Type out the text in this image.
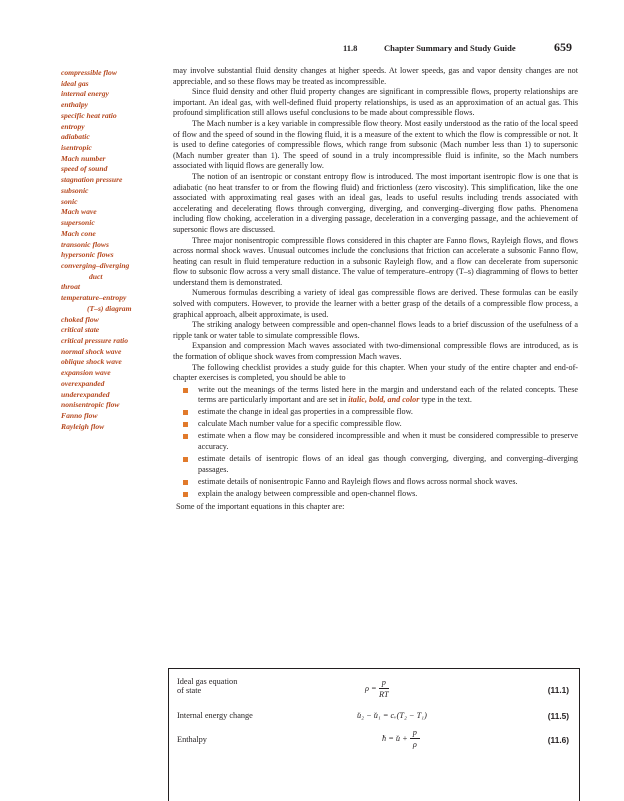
11.8	Chapter Summary and Study Guide	659
compressible flow
ideal gas
internal energy
enthalpy
specific heat ratio
entropy
adiabatic
isentropic
Mach number
speed of sound
stagnation pressure
subsonic
sonic
Mach wave
supersonic
Mach cone
transonic flows
hypersonic flows
converging–diverging
duct
throat
temperature–entropy
(T–s) diagram
choked flow
critical state
critical pressure ratio
normal shock wave
oblique shock wave
expansion wave
overexpanded
underexpanded
nonisentropic flow
Fanno flow
Rayleigh flow

may involve substantial fluid density changes at higher speeds. At lower speeds, gas and vapor density changes are not appreciable, and so these flows may be treated as incompressible.

Since fluid density and other fluid property changes are significant in compressible flows, property relationships are important. An ideal gas, with well-defined fluid property relationships, is used as an approximation of an actual gas. This profound simplification still allows useful conclusions to be made about compressible flows.

The Mach number is a key variable in compressible flow theory. Most easily understood as the ratio of the local speed of flow and the speed of sound in the flowing fluid, it is a measure of the extent to which the flow is compressible or not. It is used to define categories of compressible flows, which range from subsonic (Mach number less than 1) to supersonic (Mach number greater than 1). The speed of sound in a truly incompressible fluid is infinite, so the Mach numbers associated with liquid flows are generally low.

The notion of an isentropic or constant entropy flow is introduced. The most important isentropic flow is one that is adiabatic (no heat transfer to or from the flowing fluid) and frictionless (zero viscosity). This simplification, like the one associated with approximating real gases with an ideal gas, leads to useful results including trends associated with accelerating and decelerating flows through converging, diverging, and converging–diverging flow paths. Phenomena including flow choking, acceleration in a diverging passage, deceleration in a converging passage, and the achievement of supersonic flows are discussed.

Three major nonisentropic compressible flows considered in this chapter are Fanno flows, Rayleigh flows, and flows across normal shock waves. Unusual outcomes include the conclusions that friction can accelerate a subsonic Fanno flow, heating can result in fluid temperature reduction in a subsonic Rayleigh flow, and a flow can decelerate from supersonic flow to subsonic flow across a very small distance. The value of temperature–entropy (T–s) diagramming of flows to better understand them is demonstrated.

Numerous formulas describing a variety of ideal gas compressible flows are derived. These formulas can be easily solved with computers. However, to provide the learner with a better grasp of the details of a compressible flow process, a graphical approach, albeit approximate, is used.

The striking analogy between compressible and open-channel flows leads to a brief discussion of the usefulness of a ripple tank or water table to simulate compressible flows.

Expansion and compression Mach waves associated with two-dimensional compressible flows are introduced, as is the formation of oblique shock waves from compression Mach waves.

The following checklist provides a study guide for this chapter. When your study of the entire chapter and end-of-chapter exercises is completed, you should be able to

write out the meanings of the terms listed here in the margin and understand each of the related concepts. These terms are particularly important and are set in italic, bold, and color type in the text.
estimate the change in ideal gas properties in a compressible flow.
calculate Mach number value for a specific compressible flow.
estimate when a flow may be considered incompressible and when it must be considered compressible to preserve accuracy.
estimate details of isentropic flows of an ideal gas though converging, diverging, and converging–diverging passages.
estimate details of nonisentropic Fanno and Rayleigh flows and flows across normal shock waves.
explain the analogy between compressible and open-channel flows.

Some of the important equations in this chapter are:

Ideal gas equation
of state	$\rho = \frac{p}{RT}$	(11.1)
Internal energy change	̆u₂ − ̆u₁ = cᵥ(T₂ − T₁)	(11.5)
Enthalpy	̆h = ̆u + $\frac{p}{\rho}$	(11.6)
